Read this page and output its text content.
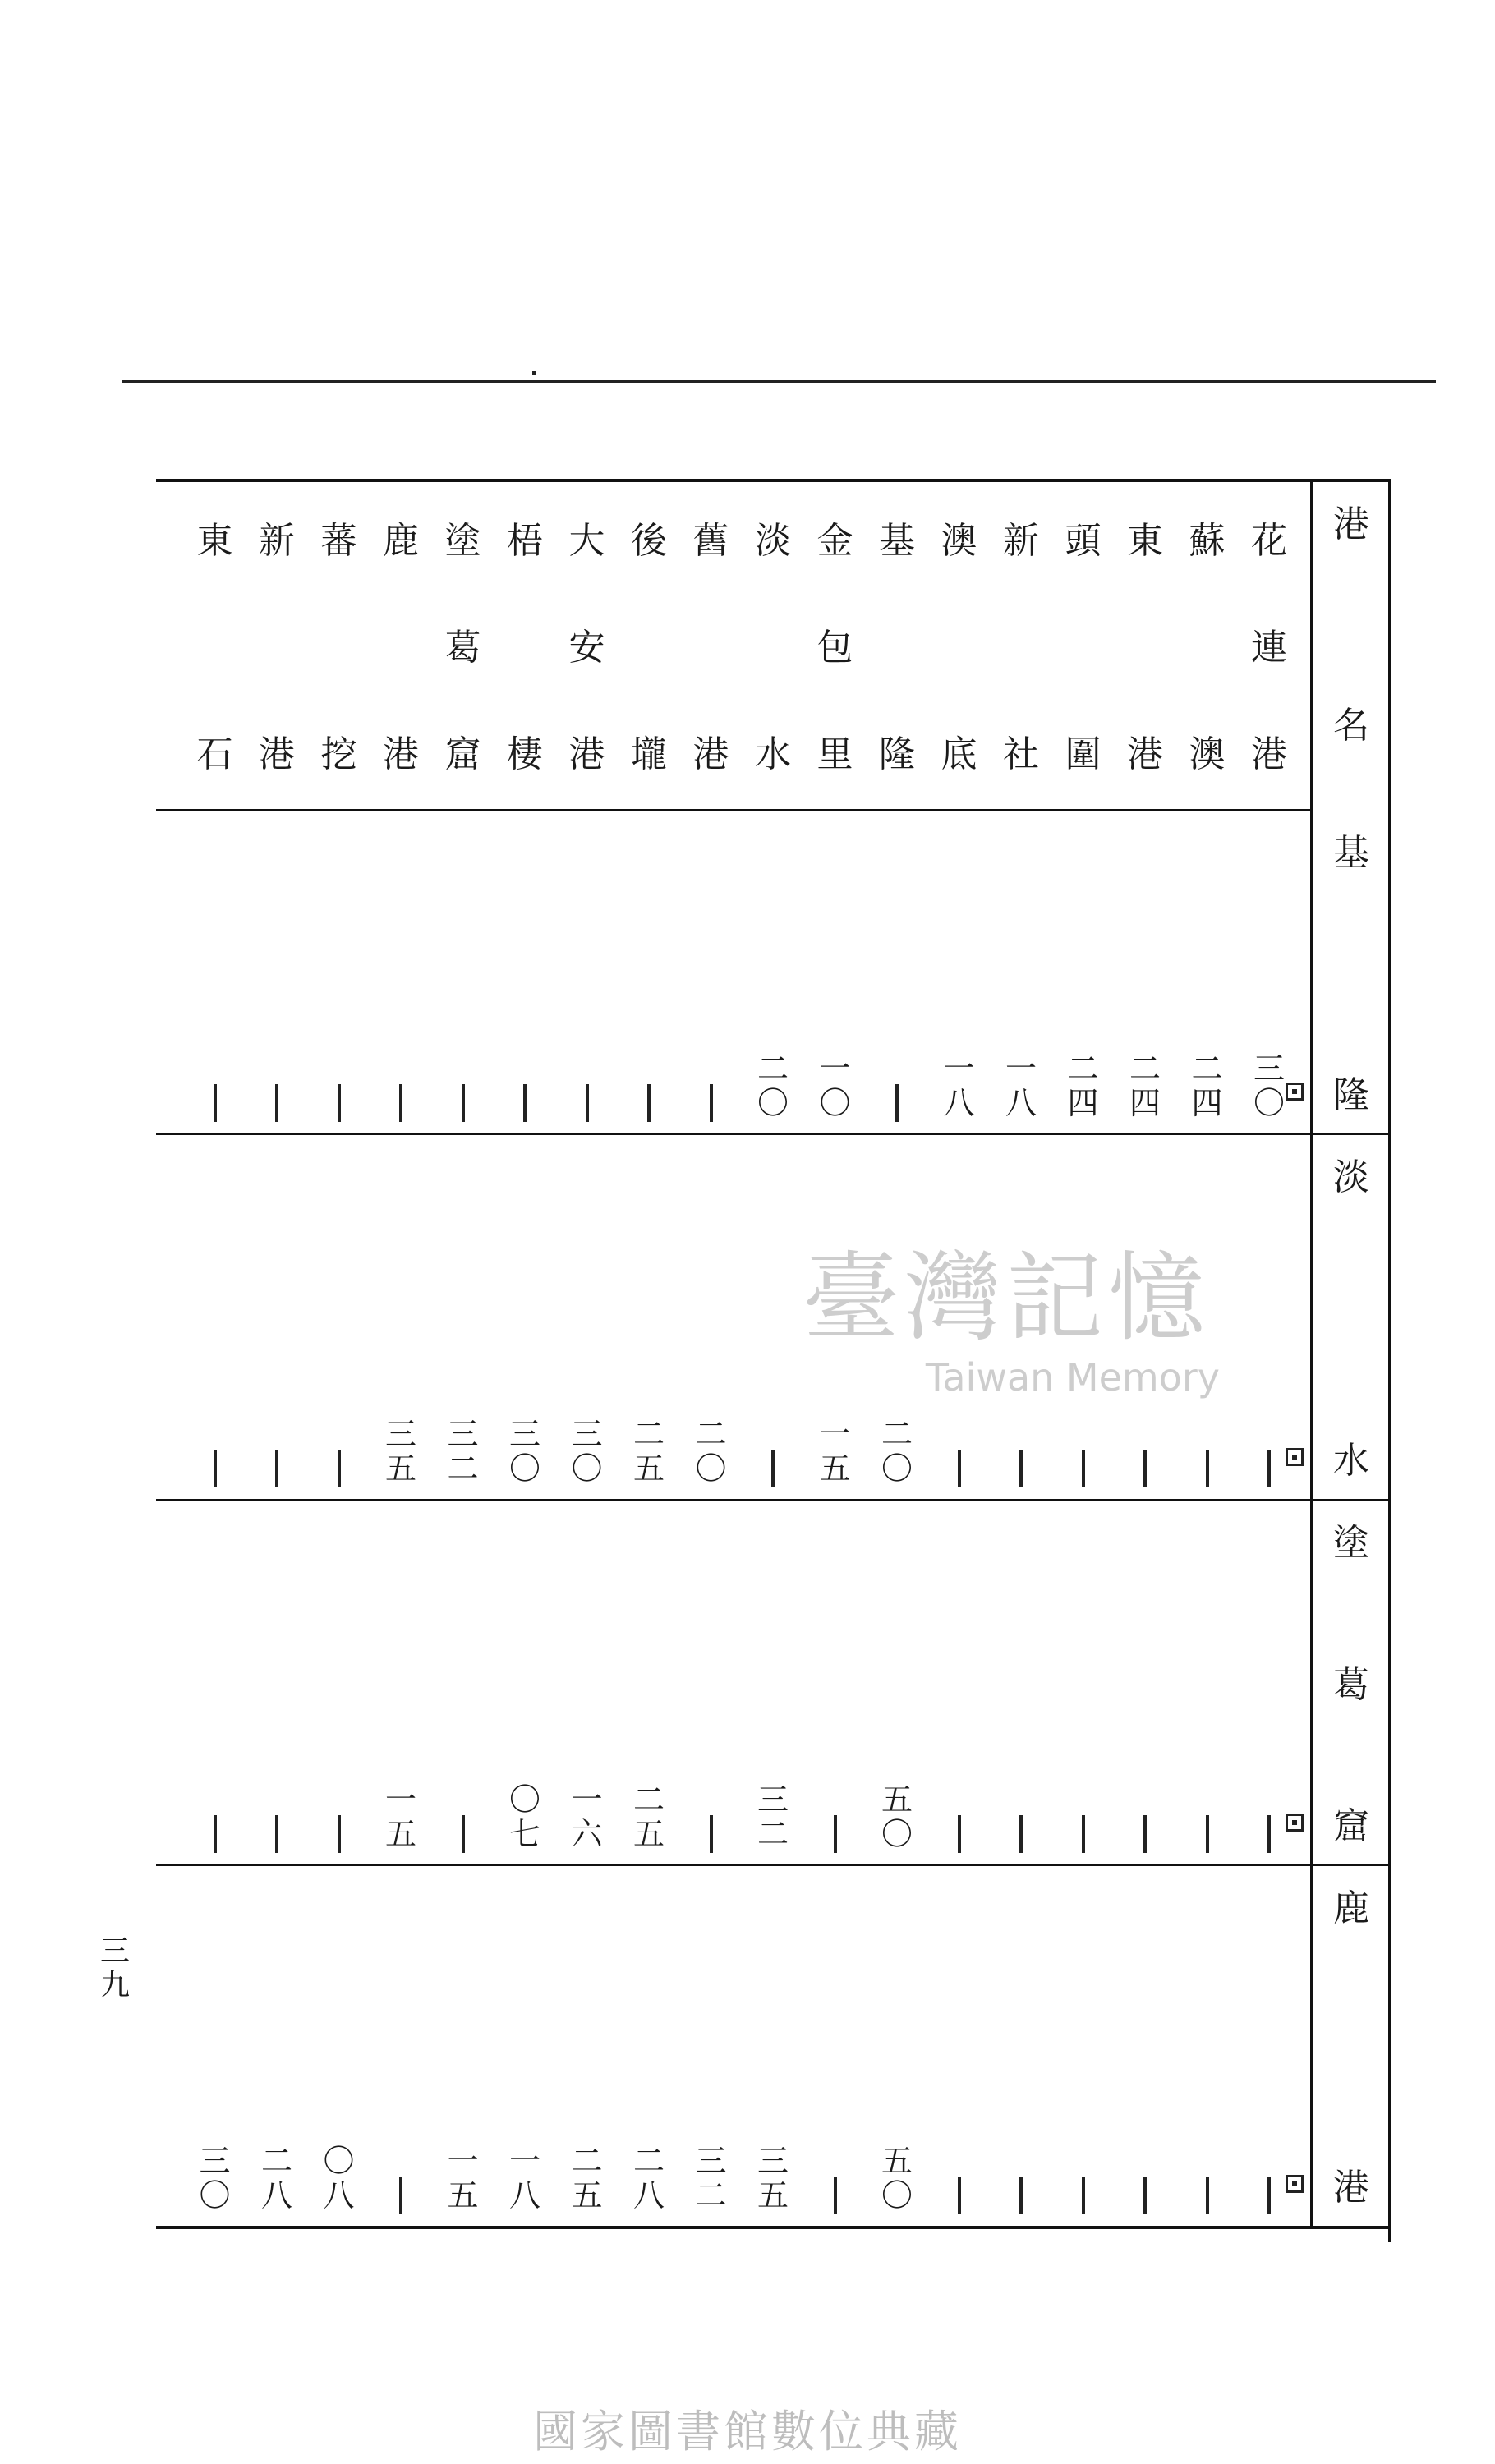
三
九
臺灣記憶
Taiwan Memory
國家圖書館數位典藏
港
名
花
連
港
蘇
澳
東
港
頭
圍
新
社
澳
底
基
隆
金
包
里
淡
水
舊
港
後
壠
大
安
港
梧
棲
塗
葛
窟
鹿
港
蕃
挖
新
港
東
石
基
隆
三
〇
二
四
二
四
二
四
一
八
一
八
一
〇
二
〇
淡
水
二
〇
一
五
二
〇
二
五
三
〇
三
〇
三
二
三
五
塗
葛
窟
五
〇
三
二
二
五
一
六
〇
七
一
五
鹿
港
五
〇
三
五
三
二
二
八
二
五
一
八
一
五
〇
八
二
八
三
〇
